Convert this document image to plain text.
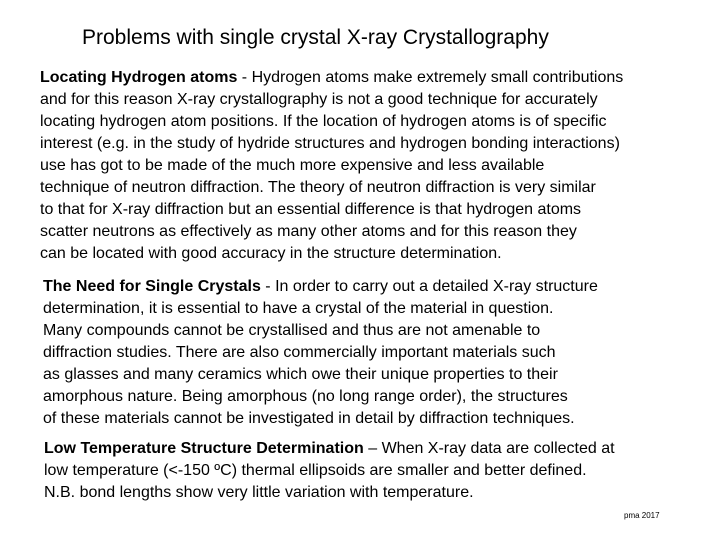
Problems with single crystal X-ray Crystallography
Locating Hydrogen atoms - Hydrogen atoms make extremely small contributions
and for this reason X-ray crystallography is not a good technique for accurately
locating hydrogen atom positions. If the location of hydrogen atoms is of specific
interest (e.g. in the study of hydride structures and hydrogen bonding interactions)
use has got to be made of the much more expensive and less available
technique of neutron diffraction. The theory of neutron diffraction is very similar
to that for X-ray diffraction but an essential difference is that hydrogen atoms
scatter neutrons as effectively as many other atoms and for this reason they
can be located with good accuracy in the structure determination.
The Need for Single Crystals - In order to carry out a detailed X-ray structure
determination, it is essential to have a crystal of the material in question.
Many compounds cannot be crystallised and thus are not amenable to
diffraction studies. There are also commercially important materials such
as glasses and many ceramics which owe their unique properties to their
amorphous nature. Being amorphous (no long range order), the structures
of these materials cannot be investigated in detail by diffraction techniques.
Low Temperature Structure Determination – When X-ray data are collected at
low temperature (<-150 ºC) thermal ellipsoids are smaller and better defined.
N.B. bond lengths show very little variation with temperature.
pma 2017
